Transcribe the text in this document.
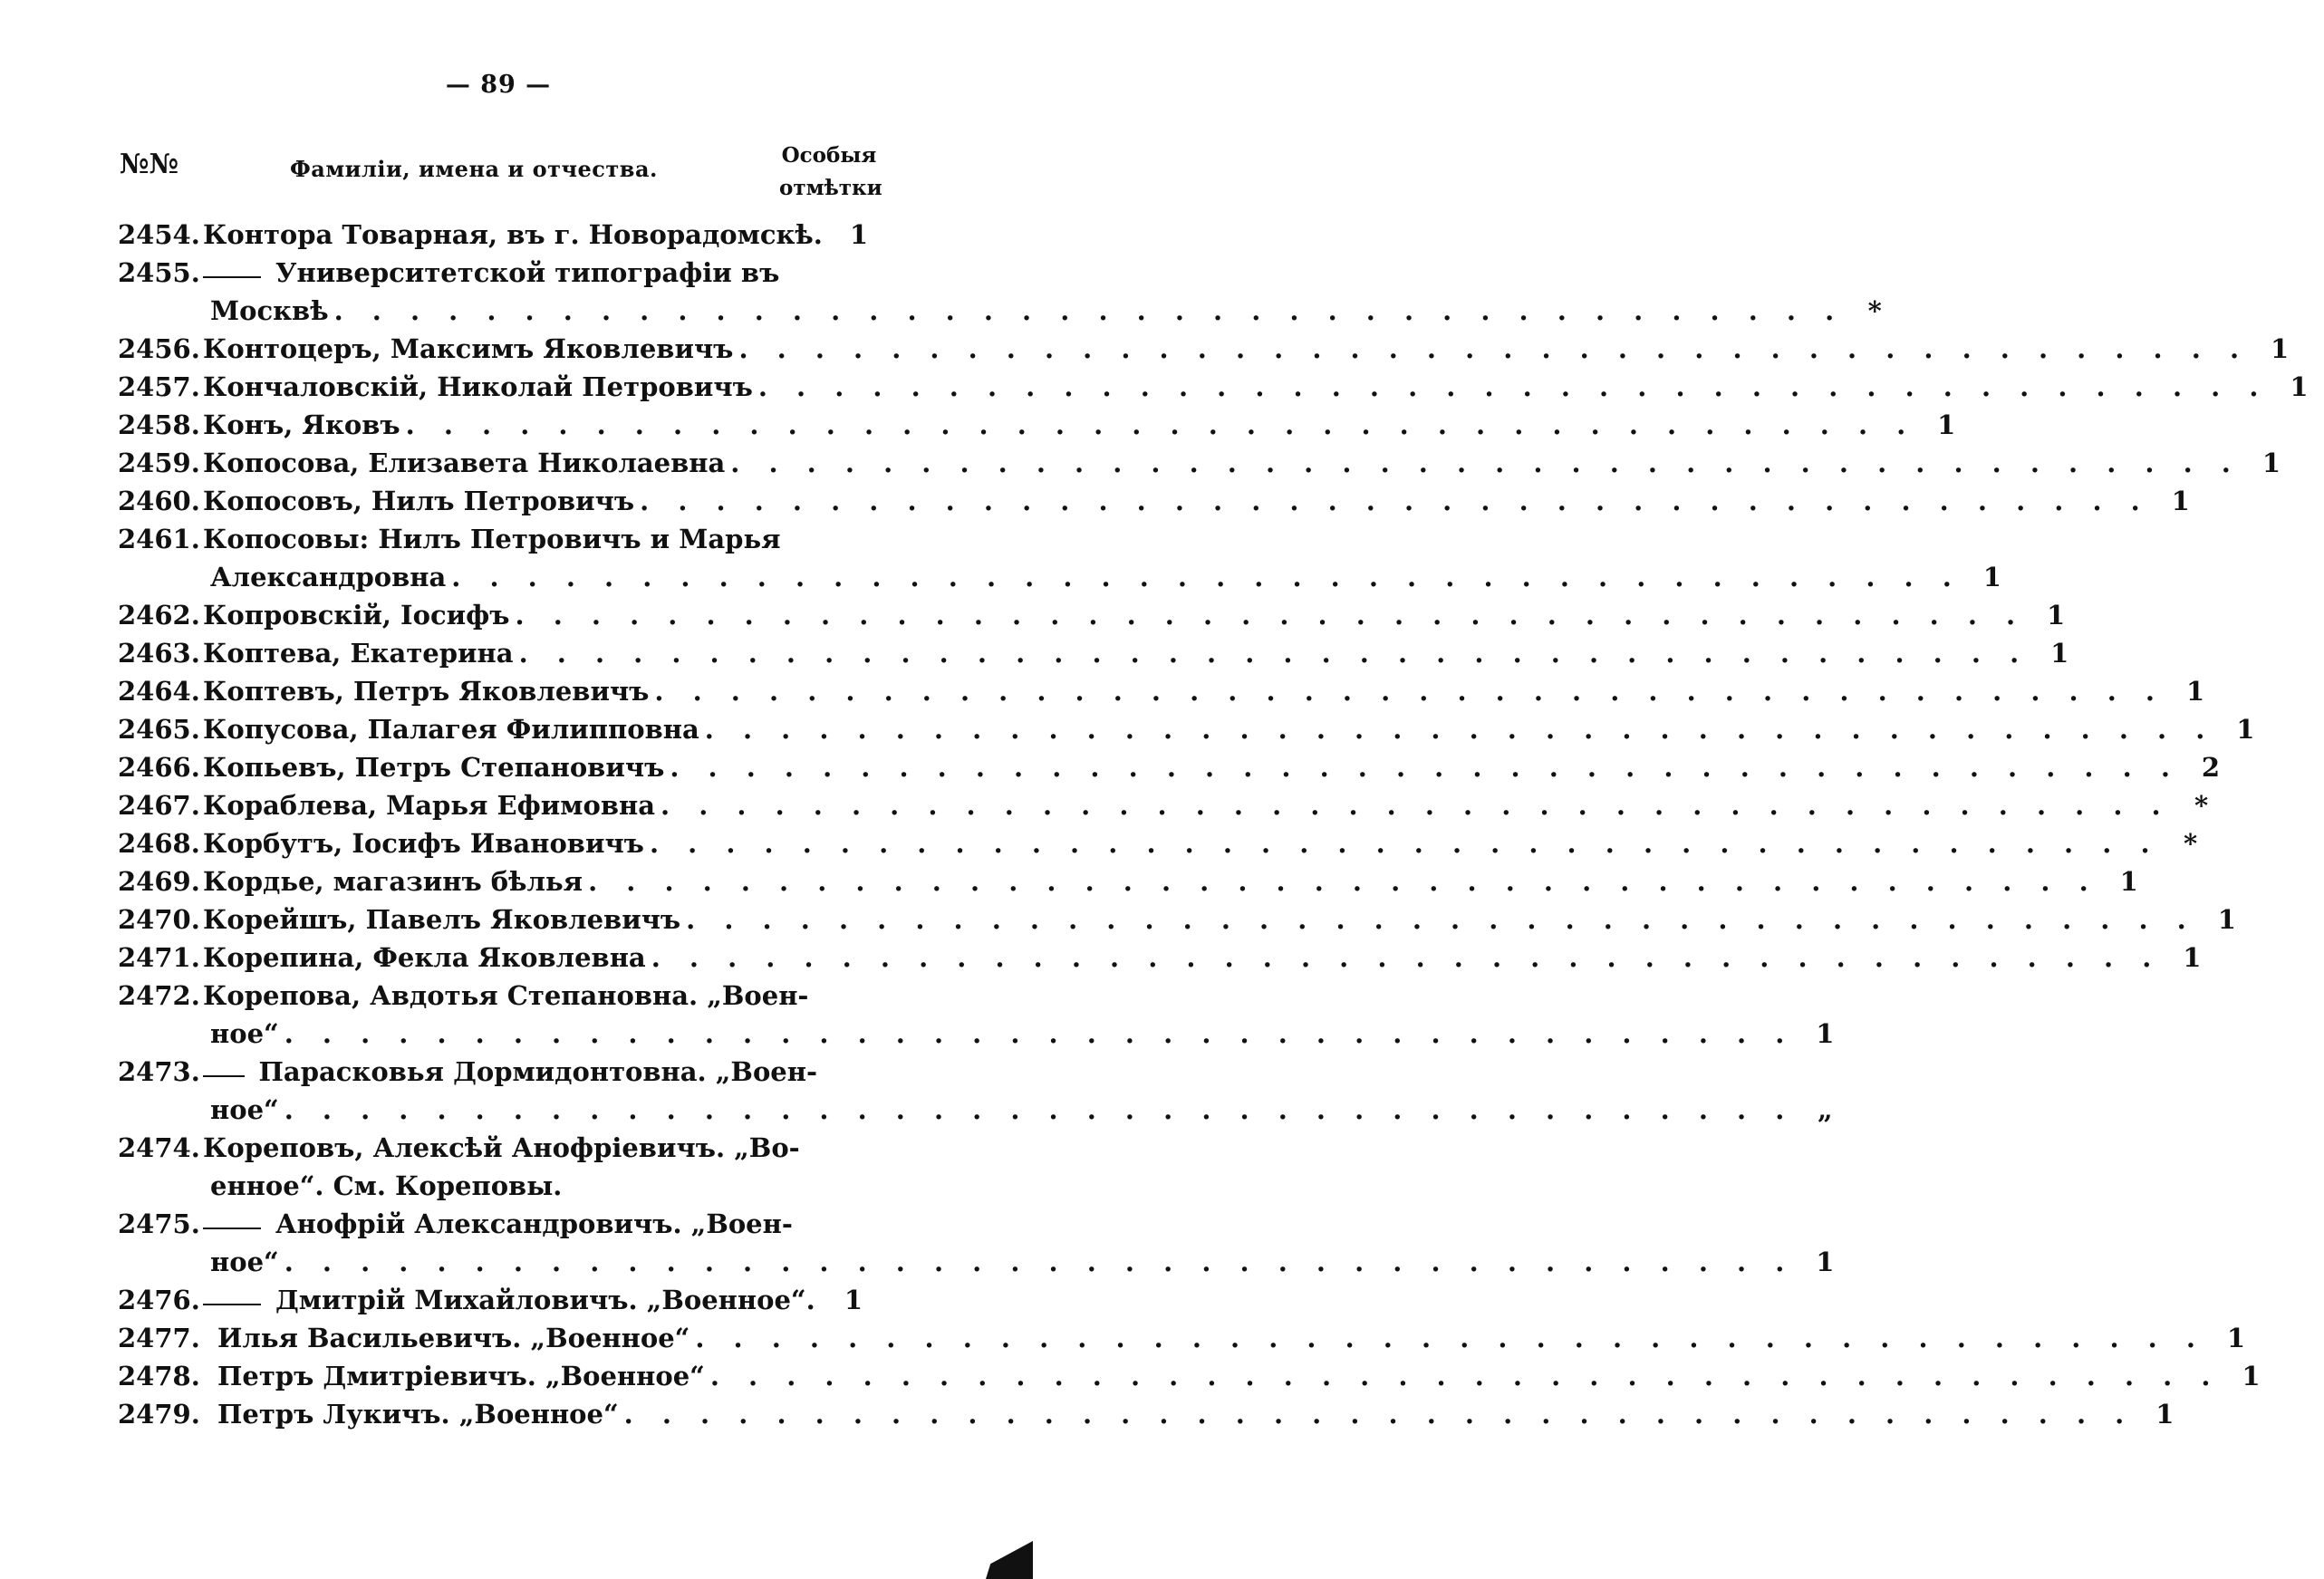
— 89 —
№№	Фамиліи, имена и отчества.
Особыя
отмѣтки
2454. Контора Товарная, въ г. Новорадомскѣ.	1
2455.	Университетской типографіи въ
Москвѣ . . . . . . . . . . . . . . . . . . . . . . . . . . . . . . . . . . . . . . . . *
2456. Контоцеръ, Максимъ Яковлевичъ . . . . . . . . . . . . . . . . . . . . . . . . . . . . . . . . . . . . . . . . 1
2457. Кончаловскій, Николай Петровичъ . . . . . . . . . . . . . . . . . . . . . . . . . . . . . . . . . . . . . . . . 1
2458. Конъ, Яковъ . . . . . . . . . . . . . . . . . . . . . . . . . . . . . . . . . . . . . . . . 1
2459. Копосова, Елизавета Николаевна . . . . . . . . . . . . . . . . . . . . . . . . . . . . . . . . . . . . . . . . 1
2460. Копосовъ, Нилъ Петровичъ . . . . . . . . . . . . . . . . . . . . . . . . . . . . . . . . . . . . . . . . 1
2461. Копосовы: Нилъ Петровичъ и Марья
Александровна . . . . . . . . . . . . . . . . . . . . . . . . . . . . . . . . . . . . . . . . 1
2462. Копровскій, Іосифъ . . . . . . . . . . . . . . . . . . . . . . . . . . . . . . . . . . . . . . . . 1
2463. Коптева, Екатерина . . . . . . . . . . . . . . . . . . . . . . . . . . . . . . . . . . . . . . . . 1
2464. Коптевъ, Петръ Яковлевичъ . . . . . . . . . . . . . . . . . . . . . . . . . . . . . . . . . . . . . . . . 1
2465. Копусова, Палагея Филипповна . . . . . . . . . . . . . . . . . . . . . . . . . . . . . . . . . . . . . . . . 1
2466. Копьевъ, Петръ Степановичъ . . . . . . . . . . . . . . . . . . . . . . . . . . . . . . . . . . . . . . . . 2
2467. Кораблева, Марья Ефимовна . . . . . . . . . . . . . . . . . . . . . . . . . . . . . . . . . . . . . . . . *
2468. Корбутъ, Іосифъ Ивановичъ . . . . . . . . . . . . . . . . . . . . . . . . . . . . . . . . . . . . . . . . *
2469. Кордье, магазинъ бѣлья . . . . . . . . . . . . . . . . . . . . . . . . . . . . . . . . . . . . . . . . 1
2470. Корейшъ, Павелъ Яковлевичъ . . . . . . . . . . . . . . . . . . . . . . . . . . . . . . . . . . . . . . . . 1
2471. Корепина, Фекла Яковлевна . . . . . . . . . . . . . . . . . . . . . . . . . . . . . . . . . . . . . . . . 1
2472. Корепова, Авдотья Степановна. „Воен-
ное“ . . . . . . . . . . . . . . . . . . . . . . . . . . . . . . . . . . . . . . . . 1
2473. Парасковья Дормидонтовна. „Воен-
ное“ . . . . . . . . . . . . . . . . . . . . . . . . . . . . . . . . . . . . . . . . „
2474. Кореповъ, Алексѣй Анофріевичъ. „Во-
енное“. См. Кореповы.
2475.	Анофрій Александровичъ. „Воен-
ное“ . . . . . . . . . . . . . . . . . . . . . . . . . . . . . . . . . . . . . . . . 1
2476.	Дмитрій Михайловичъ. „Военное“.	1
2477. Илья Васильевичъ. „Военное“ . . . . . . . . . . . . . . . . . . . . . . . . . . . . . . . . . . . . . . . . 1
2478. Петръ Дмитріевичъ. „Военное“ . . . . . . . . . . . . . . . . . . . . . . . . . . . . . . . . . . . . . . . . 1
2479. Петръ Лукичъ. „Военное“ . . . . . . . . . . . . . . . . . . . . . . . . . . . . . . . . . . . . . . . . 1
